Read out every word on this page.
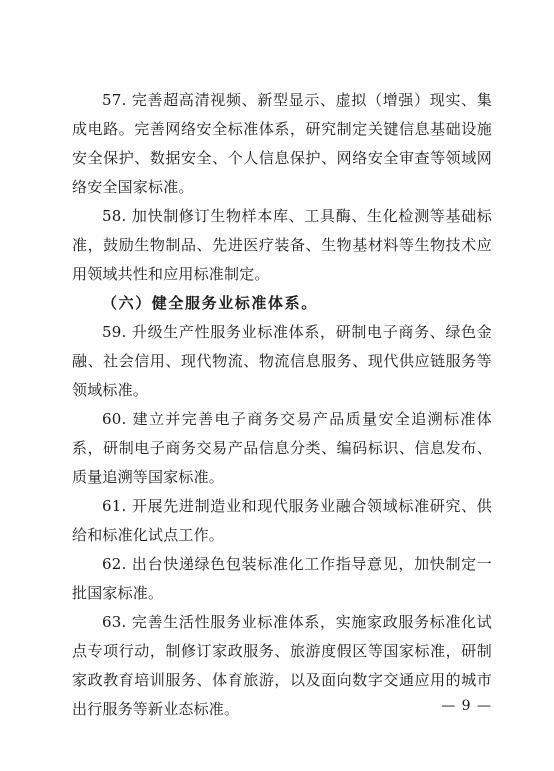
57. 完善超高清视频、新型显示、虚拟（增强）现实、集成电路。完善网络安全标准体系，研究制定关键信息基础设施安全保护、数据安全、个人信息保护、网络安全审查等领域网络安全国家标准。

58. 加快制修订生物样本库、工具酶、生化检测等基础标准，鼓励生物制品、先进医疗装备、生物基材料等生物技术应用领域共性和应用标准制定。

（六）健全服务业标准体系。

59. 升级生产性服务业标准体系，研制电子商务、绿色金融、社会信用、现代物流、物流信息服务、现代供应链服务等领域标准。

60. 建立并完善电子商务交易产品质量安全追溯标准体系，研制电子商务交易产品信息分类、编码标识、信息发布、质量追溯等国家标准。

61. 开展先进制造业和现代服务业融合领域标准研究、供给和标准化试点工作。

62. 出台快递绿色包装标准化工作指导意见，加快制定一批国家标准。

63. 完善生活性服务业标准体系，实施家政服务标准化试点专项行动，制修订家政服务、旅游度假区等国家标准，研制家政教育培训服务、体育旅游，以及面向数字交通应用的城市出行服务等新业态标准。	— 9 —
